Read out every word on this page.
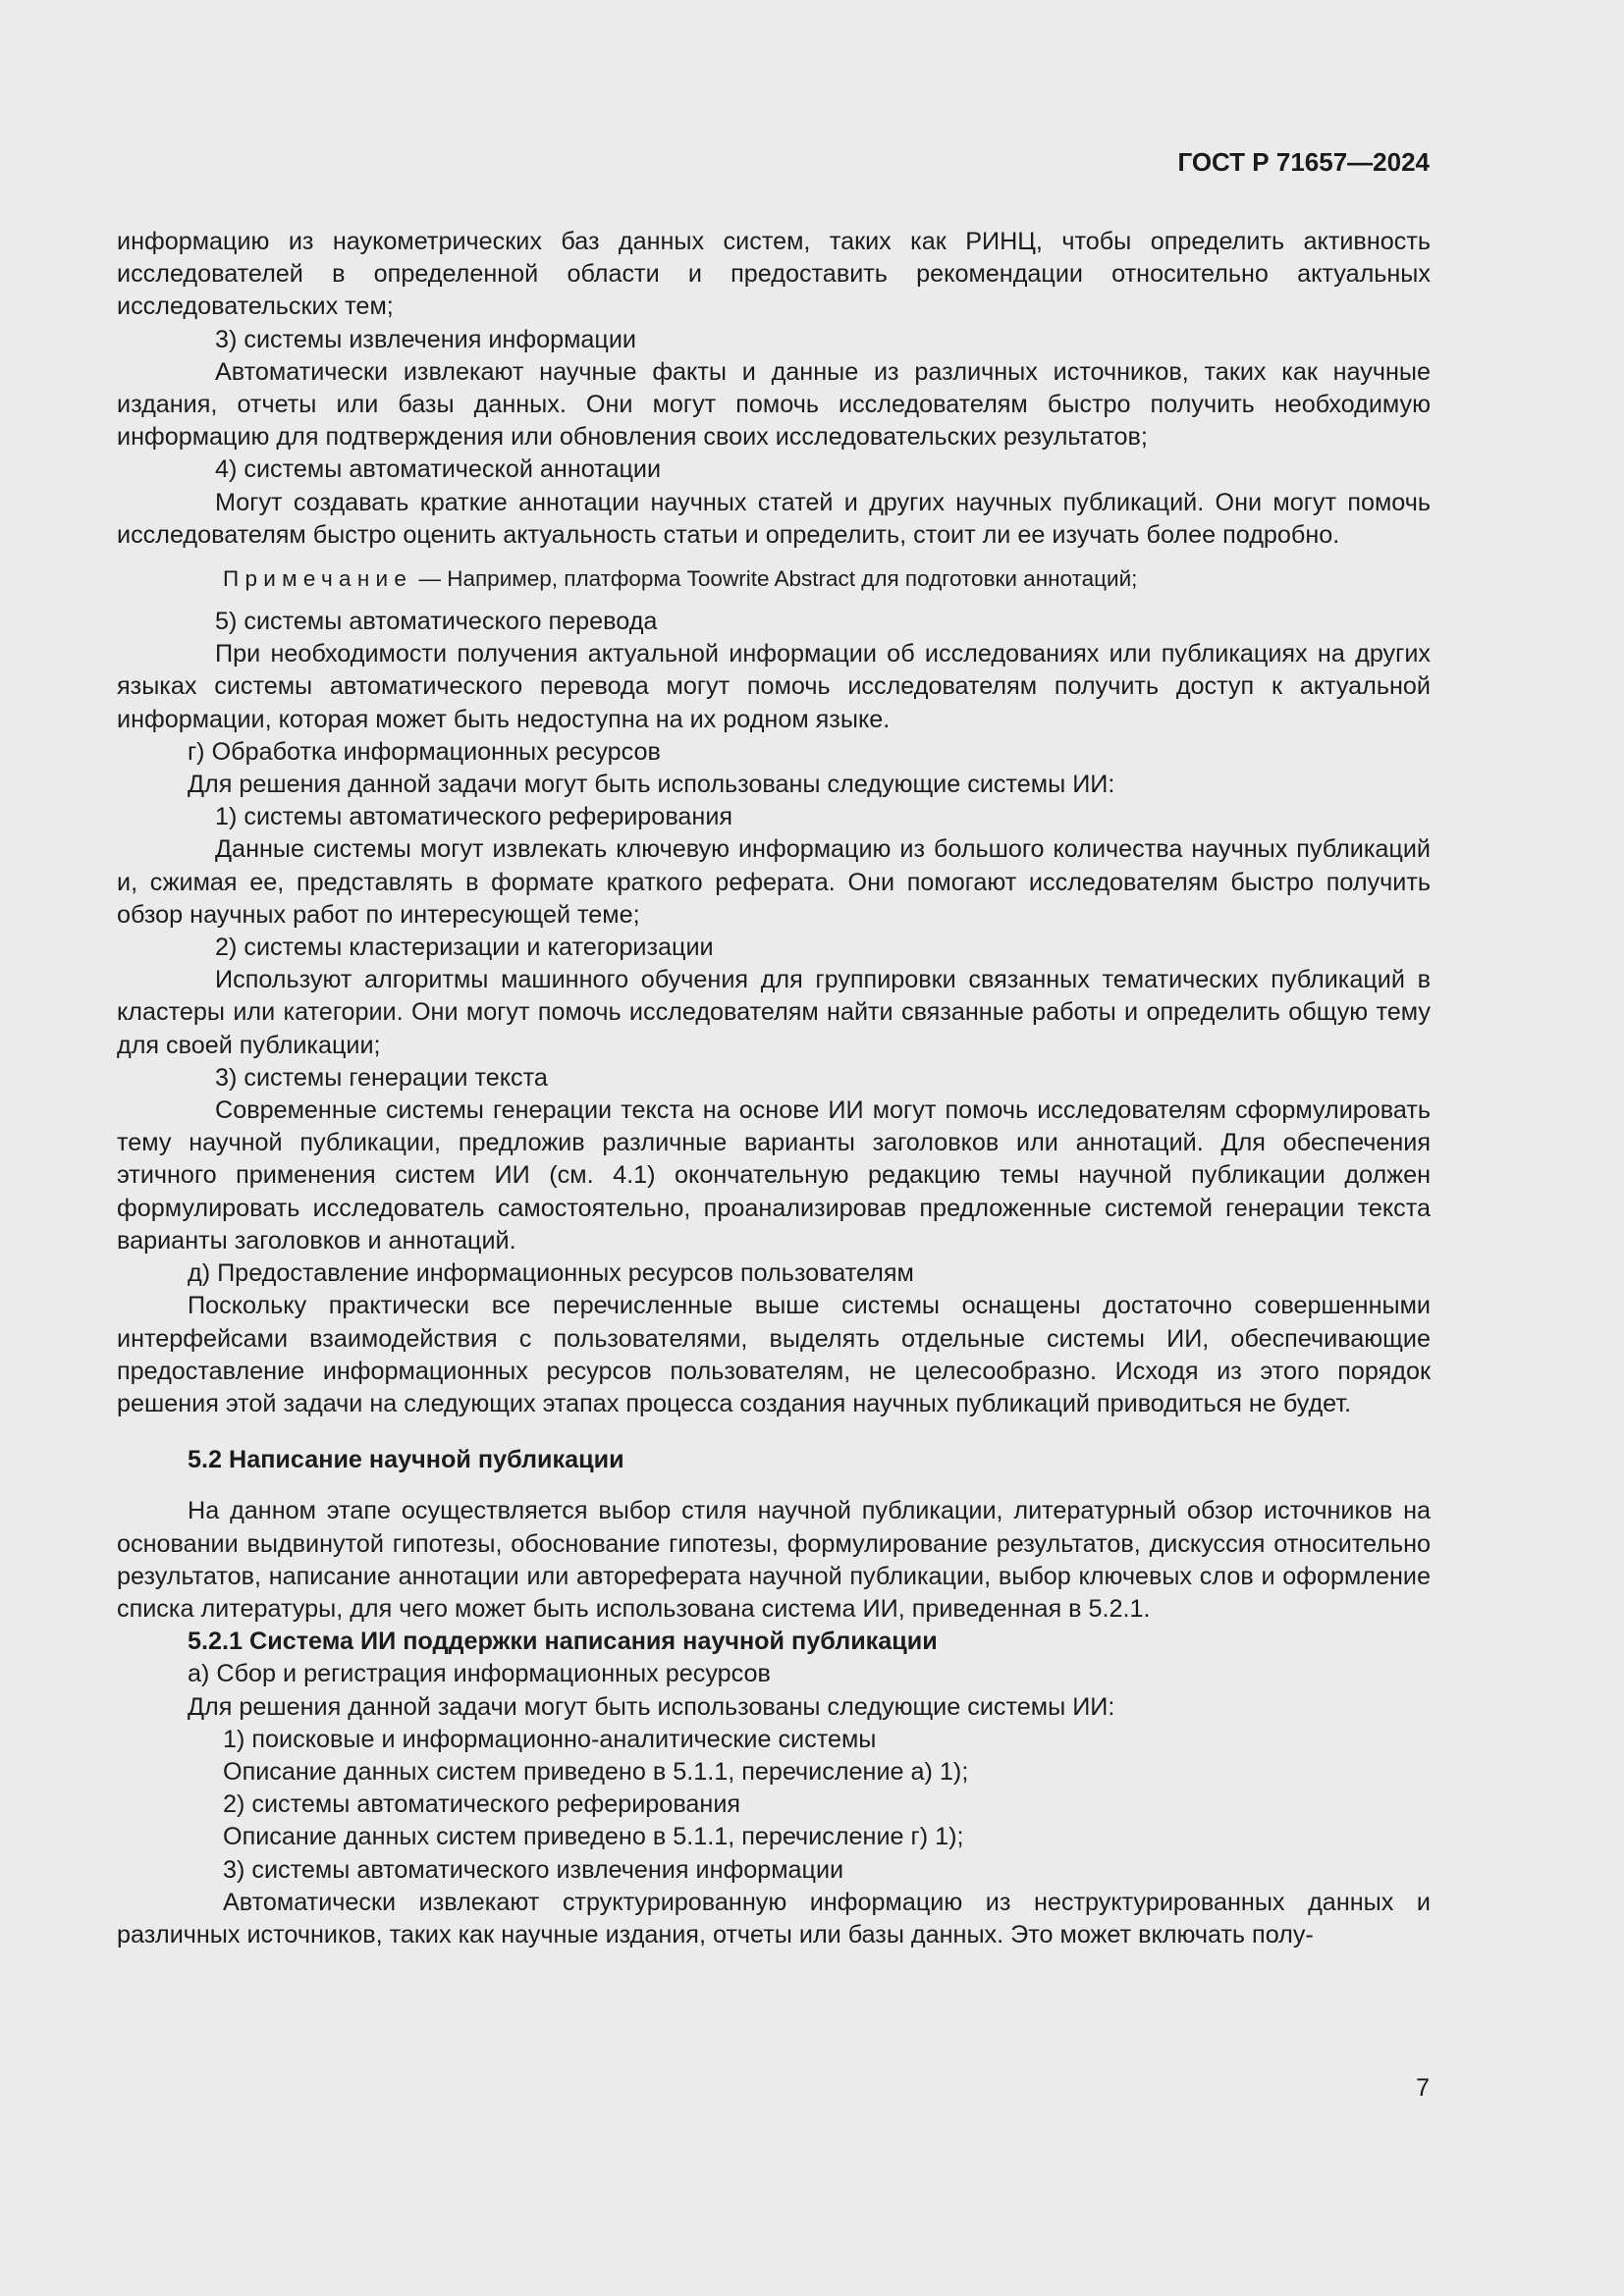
ГОСТ Р 71657—2024

информацию из наукометрических баз данных систем, таких как РИНЦ, чтобы определить активность исследователей в определенной области и предоставить рекомендации относительно актуальных исследовательских тем;

3) системы извлечения информации

Автоматически извлекают научные факты и данные из различных источников, таких как научные издания, отчеты или базы данных. Они могут помочь исследователям быстро получить необходимую информацию для подтверждения или обновления своих исследовательских результатов;

4) системы автоматической аннотации

Могут создавать краткие аннотации научных статей и других научных публикаций. Они могут помочь исследователям быстро оценить актуальность статьи и определить, стоит ли ее изучать более подробно.

Примечание — Например, платформа Toowrite Abstract для подготовки аннотаций;

5) системы автоматического перевода

При необходимости получения актуальной информации об исследованиях или публикациях на других языках системы автоматического перевода могут помочь исследователям получить доступ к актуальной информации, которая может быть недоступна на их родном языке.

г) Обработка информационных ресурсов

Для решения данной задачи могут быть использованы следующие системы ИИ:

1) системы автоматического реферирования

Данные системы могут извлекать ключевую информацию из большого количества научных публикаций и, сжимая ее, представлять в формате краткого реферата. Они помогают исследователям быстро получить обзор научных работ по интересующей теме;

2) системы кластеризации и категоризации

Используют алгоритмы машинного обучения для группировки связанных тематических публикаций в кластеры или категории. Они могут помочь исследователям найти связанные работы и определить общую тему для своей публикации;

3) системы генерации текста

Современные системы генерации текста на основе ИИ могут помочь исследователям сформулировать тему научной публикации, предложив различные варианты заголовков или аннотаций. Для обеспечения этичного применения систем ИИ (см. 4.1) окончательную редакцию темы научной публикации должен формулировать исследователь самостоятельно, проанализировав предложенные системой генерации текста варианты заголовков и аннотаций.

д) Предоставление информационных ресурсов пользователям

Поскольку практически все перечисленные выше системы оснащены достаточно совершенными интерфейсами взаимодействия с пользователями, выделять отдельные системы ИИ, обеспечивающие предоставление информационных ресурсов пользователям, не целесообразно. Исходя из этого порядок решения этой задачи на следующих этапах процесса создания научных публикаций приводиться не будет.

5.2 Написание научной публикации

На данном этапе осуществляется выбор стиля научной публикации, литературный обзор источников на основании выдвинутой гипотезы, обоснование гипотезы, формулирование результатов, дискуссия относительно результатов, написание аннотации или автореферата научной публикации, выбор ключевых слов и оформление списка литературы, для чего может быть использована система ИИ, приведенная в 5.2.1.

5.2.1 Система ИИ поддержки написания научной публикации

а) Сбор и регистрация информационных ресурсов

Для решения данной задачи могут быть использованы следующие системы ИИ:

1) поисковые и информационно-аналитические системы

Описание данных систем приведено в 5.1.1, перечисление а) 1);

2) системы автоматического реферирования

Описание данных систем приведено в 5.1.1, перечисление г) 1);

3) системы автоматического извлечения информации

Автоматически извлекают структурированную информацию из неструктурированных данных и различных источников, таких как научные издания, отчеты или базы данных. Это может включать полу-

7
